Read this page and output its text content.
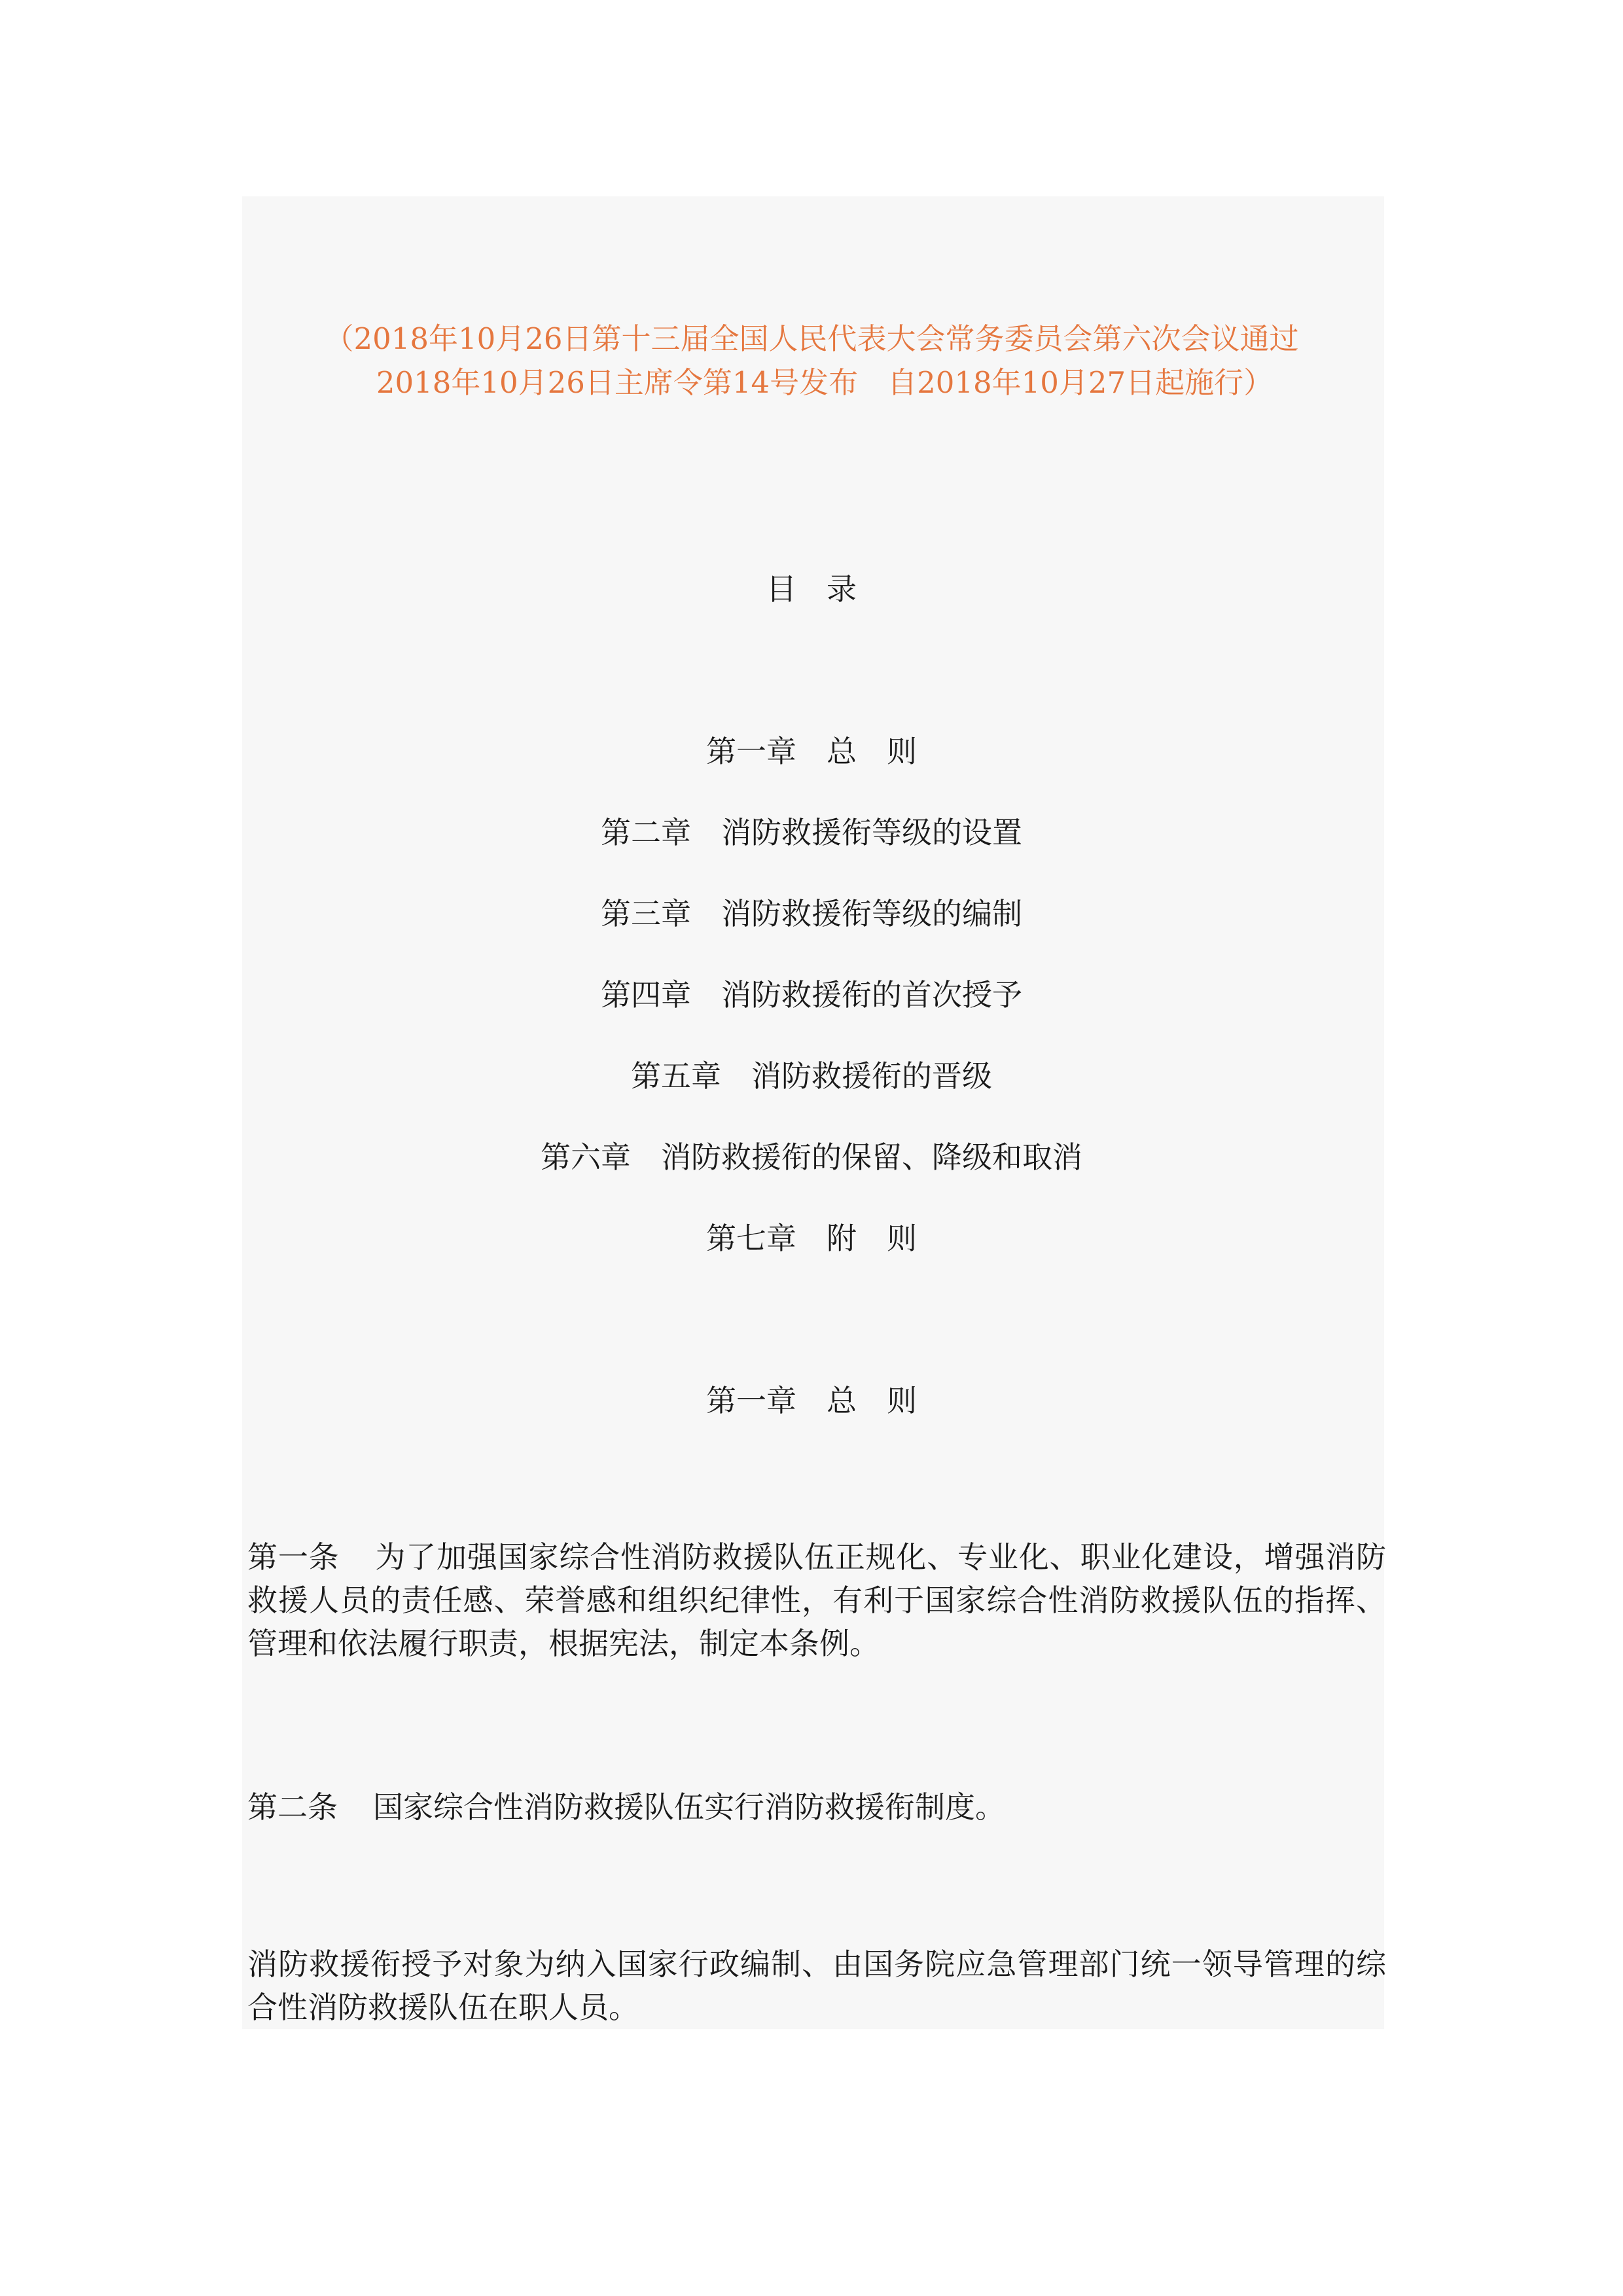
（2018年10月26日第十三届全国人民代表大会常务委员会第六次会议通过
2018年10月26日主席令第14号发布　自2018年10月27日起施行）
目　录
第一章　总　则
第二章　消防救援衔等级的设置
第三章　消防救援衔等级的编制
第四章　消防救援衔的首次授予
第五章　消防救援衔的晋级
第六章　消防救援衔的保留、降级和取消
第七章　附　则
第一章　总　则
第一条 为了加强国家综合性消防救援队伍正规化、专业化、职业化建设，增强消防救援人员的责任感、荣誉感和组织纪律性，有利于国家综合性消防救援队伍的指挥、管理和依法履行职责，根据宪法，制定本条例。
第二条 国家综合性消防救援队伍实行消防救援衔制度。
消防救援衔授予对象为纳入国家行政编制、由国务院应急管理部门统一领导管理的综合性消防救援队伍在职人员。
